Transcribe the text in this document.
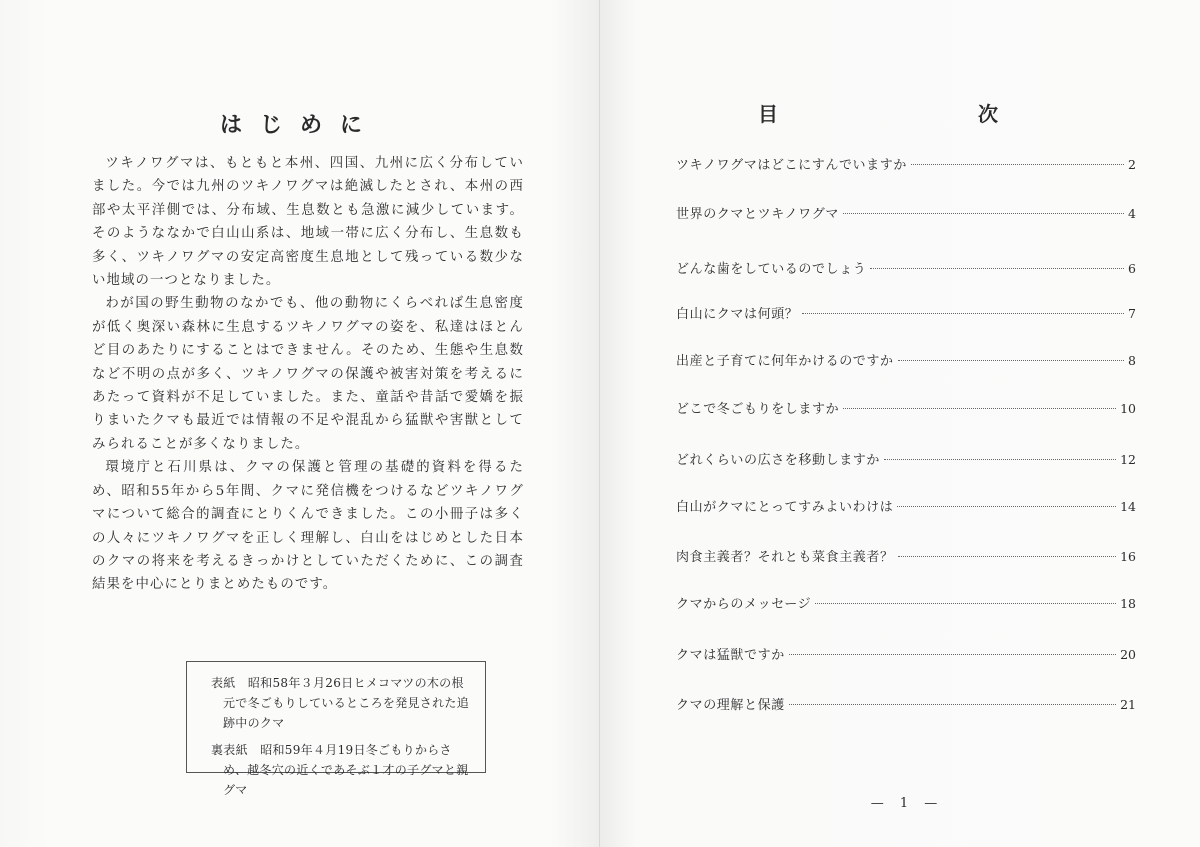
はじめに

ツキノワグマは、もともと本州、四国、九州に広く分布していました。今では九州のツキノワグマは絶滅したとされ、本州の西部や太平洋側では、分布域、生息数とも急激に減少しています。そのようななかで白山山系は、地域一帯に広く分布し、生息数も多く、ツキノワグマの安定高密度生息地として残っている数少ない地域の一つとなりました。

わが国の野生動物のなかでも、他の動物にくらべれば生息密度が低く奥深い森林に生息するツキノワグマの姿を、私達はほとんど目のあたりにすることはできません。そのため、生態や生息数など不明の点が多く、ツキノワグマの保護や被害対策を考えるにあたって資料が不足していました。また、童話や昔話で愛嬌を振りまいたクマも最近では情報の不足や混乱から猛獣や害獣としてみられることが多くなりました。

環境庁と石川県は、クマの保護と管理の基礎的資料を得るため、昭和55年から5年間、クマに発信機をつけるなどツキノワグマについて総合的調査にとりくんできました。この小冊子は多くの人々にツキノワグマを正しく理解し、白山をはじめとした日本のクマの将来を考えるきっかけとしていただくために、この調査結果を中心にとりまとめたものです。

表紙　昭和58年３月26日ヒメコマツの木の根元で冬ごもりしているところを発見された追跡中のクマ

裏表紙　昭和59年４月19日冬ごもりからさめ、越冬穴の近くであそぶ１才の子グマと親グマ

目　次
ツキノワグマはどこにすんでいますか	2
世界のクマとツキノワグマ	4
どんな歯をしているのでしょう	6
白山にクマは何頭？	7
出産と子育てに何年かけるのですか	8
どこで冬ごもりをしますか	10
どれくらいの広さを移動しますか	12
白山がクマにとってすみよいわけは	14
肉食主義者？それとも菜食主義者？	16
クマからのメッセージ	18
クマは猛獣ですか	20
クマの理解と保護	21
— 1 —
